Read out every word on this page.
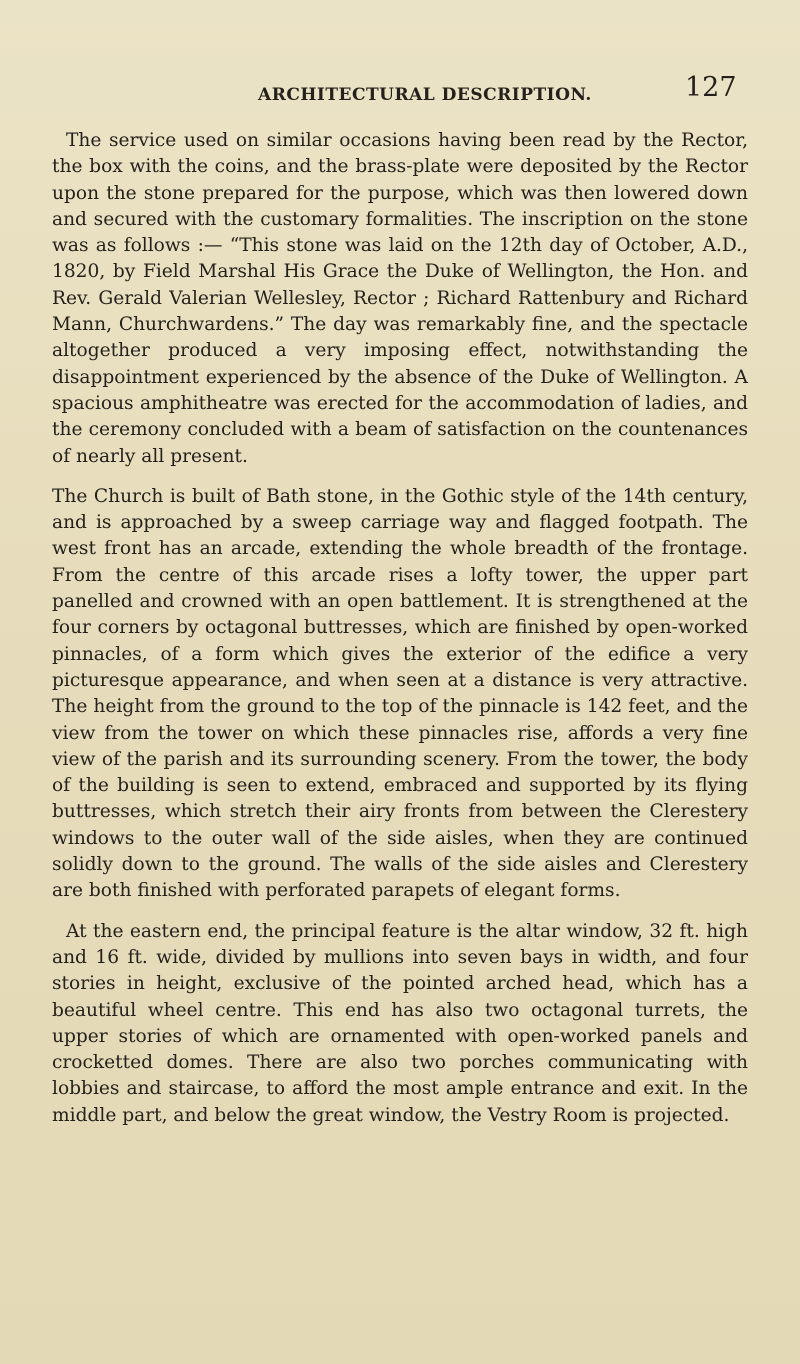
ARCHITECTURAL DESCRIPTION.	127

The service used on similar occasions having been read by the Rector, the box with the coins, and the brass-plate were deposited by the Rector upon the stone prepared for the purpose, which was then lowered down and secured with the customary formalities. The inscription on the stone was as follows :— “This stone was laid on the 12th day of October, A.D., 1820, by Field Marshal His Grace the Duke of Wellington, the Hon. and Rev. Gerald Valerian Wellesley, Rector ; Richard Rattenbury and Richard Mann, Churchwardens.” The day was remarkably fine, and the spectacle altogether produced a very imposing effect, notwithstanding the disappointment experienced by the absence of the Duke of Wellington. A spacious amphitheatre was erected for the accommodation of ladies, and the ceremony concluded with a beam of satisfaction on the countenances of nearly all present.

The Church is built of Bath stone, in the Gothic style of the 14th century, and is approached by a sweep carriage way and flagged footpath. The west front has an arcade, extending the whole breadth of the frontage. From the centre of this arcade rises a lofty tower, the upper part panelled and crowned with an open battlement. It is strengthened at the four corners by octagonal buttresses, which are finished by open-worked pinnacles, of a form which gives the exterior of the edifice a very picturesque appearance, and when seen at a distance is very attractive. The height from the ground to the top of the pinnacle is 142 feet, and the view from the tower on which these pinnacles rise, affords a very fine view of the parish and its surrounding scenery. From the tower, the body of the building is seen to extend, embraced and supported by its flying buttresses, which stretch their airy fronts from between the Clerestery windows to the outer wall of the side aisles, when they are continued solidly down to the ground. The walls of the side aisles and Clerestery are both finished with perforated parapets of elegant forms.

At the eastern end, the principal feature is the altar window, 32 ft. high and 16 ft. wide, divided by mullions into seven bays in width, and four stories in height, exclusive of the pointed arched head, which has a beautiful wheel centre. This end has also two octagonal turrets, the upper stories of which are ornamented with open-worked panels and crocketted domes. There are also two porches communicating with lobbies and staircase, to afford the most ample entrance and exit. In the middle part, and below the great window, the Vestry Room is projected.
